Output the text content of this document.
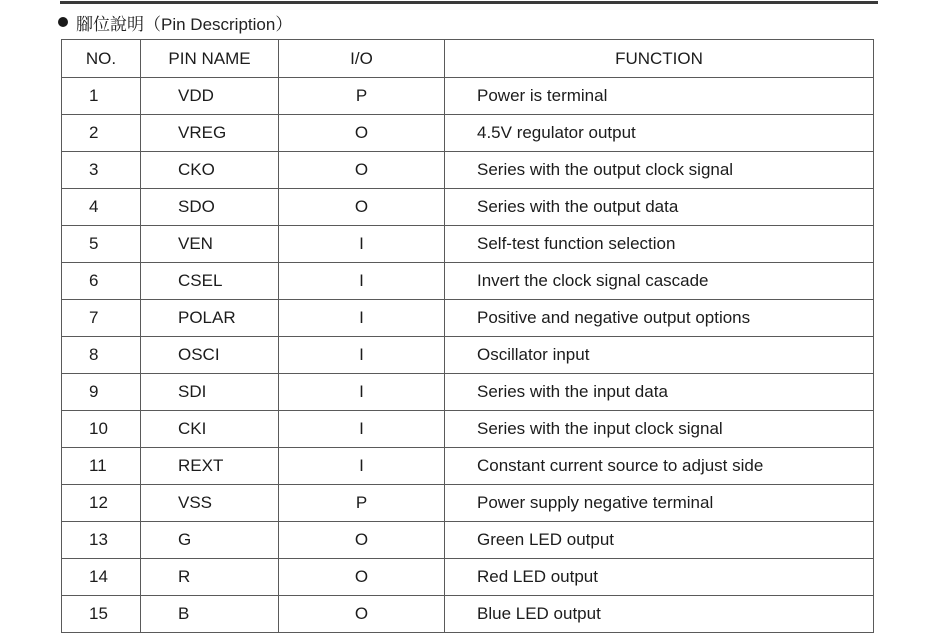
腳位說明（Pin Description）
NO.	PIN NAME	I/O	FUNCTION
1	VDD	P	Power is terminal
2	VREG	O	4.5V regulator output
3	CKO	O	Series with the output clock signal
4	SDO	O	Series with the output data
5	VEN	I	Self-test function selection
6	CSEL	I	Invert the clock signal cascade
7	POLAR	I	Positive and negative output options
8	OSCI	I	Oscillator input
9	SDI	I	Series with the input data
10	CKI	I	Series with the input clock signal
11	REXT	I	Constant current source to adjust side
12	VSS	P	Power supply negative terminal
13	G	O	Green LED output
14	R	O	Red LED output
15	B	O	Blue LED output
